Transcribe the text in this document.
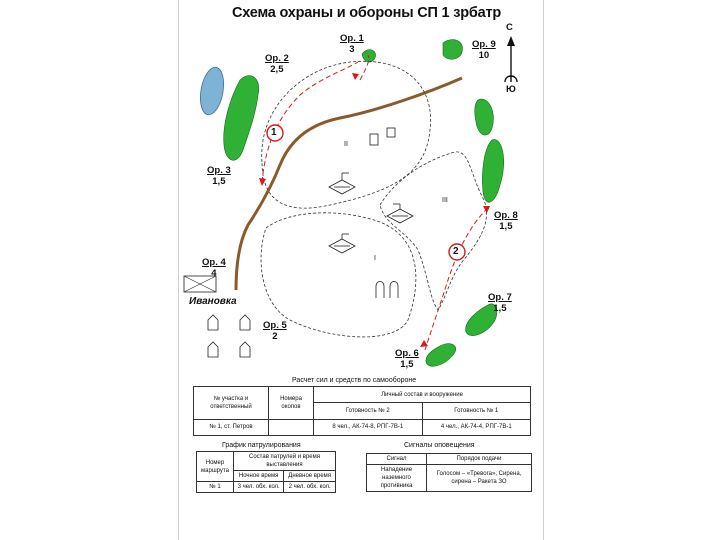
Схема охраны и обороны СП 1 зрбатр
С
Ю
Ор. 1
3
Ор. 2
2,5
Ор. 3
1,5
Ор. 4
4
Ор. 5
2
Ор. 6
1,5
Ор. 7
1,5
Ор. 8
1,5
Ор. 9
10
Ивановка
1
2
I
II
III
Расчет сил и средств по самообороне
№ участка и ответственный	Номера окопов	Личный состав и вооружение	
		Готовность № 2	Готовность № 1
№ 1, ст. Петров		8 чел., АК-74-8, РПГ-7В-1	4 чел., АК-74-4, РПГ-7В-1
График патрулирования
Номер маршрута	Состав патрулей и время выставления	
	Ночное время	Дневное время
№ 1	3 чел. обх. кол.	2 чел. обх. кол.
Сигналы оповещения
Сигнал	Порядок подачи
Нападение наземного противника	Голосом – «Тревога», Сирена, сирена – Ракета ЗО
